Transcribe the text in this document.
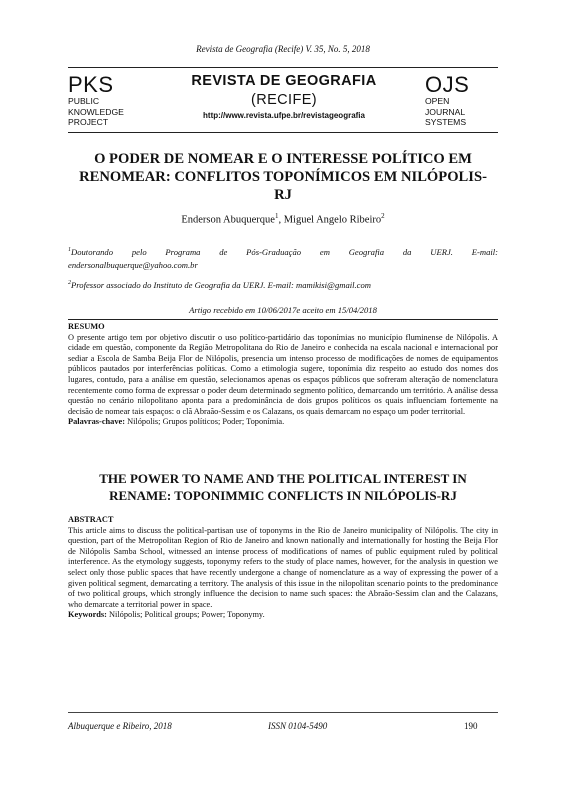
Revista de Geografia (Recife) V. 35, No. 5, 2018
PKS
PUBLIC
KNOWLEDGE
PROJECT
REVISTA DE GEOGRAFIA
(RECIFE)
http://www.revista.ufpe.br/revistageografia
OJS
OPEN
JOURNAL
SYSTEMS
O PODER DE NOMEAR E O INTERESSE POLÍTICO EM
RENOMEAR: CONFLITOS TOPONÍMICOS EM NILÓPOLIS-
RJ
Enderson Abuquerque$^1$, Miguel Angelo Ribeiro$^2$
$^1$Doutorando pelo Programa de Pós-Graduação em Geografia da UERJ. E-mail:
endersonalbuquerque@yahoo.com.br
$^2$Professor associado do Instituto de Geografia da UERJ. E-mail: mamikisi@gmail.com
Artigo recebido em 10/06/2017e aceito em 15/04/2018
RESUMO
O presente artigo tem por objetivo discutir o uso político-partidário das toponímias no município fluminense de Nilópolis. A cidade em questão, componente da Região Metropolitana do Rio de Janeiro e conhecida na escala nacional e internacional por sediar a Escola de Samba Beija Flor de Nilópolis, presencia um intenso processo de modificações de nomes de equipamentos públicos pautados por interferências políticas. Como a etimologia sugere, toponímia diz respeito ao estudo dos nomes dos lugares, contudo, para a análise em questão, selecionamos apenas os espaços públicos que sofreram alteração de nomenclatura recentemente como forma de expressar o poder deum determinado segmento político, demarcando um território. A análise dessa questão no cenário nilopolitano aponta para a predominância de dois grupos políticos os quais influenciam fortemente na decisão de nomear tais espaços: o clã Abraão-Sessim e os Calazans, os quais demarcam no espaço um poder territorial.
Palavras-chave: Nilópolis; Grupos políticos; Poder; Toponímia.
THE POWER TO NAME AND THE POLITICAL INTEREST IN
RENAME: TOPONIMMIC CONFLICTS IN NILÓPOLIS-RJ
ABSTRACT
This article aims to discuss the political-partisan use of toponyms in the Rio de Janeiro municipality of Nilópolis. The city in question, part of the Metropolitan Region of Rio de Janeiro and known nationally and internationally for hosting the Beija Flor de Nilópolis Samba School, witnessed an intense process of modifications of names of public equipment ruled by political interference. As the etymology suggests, toponymy refers to the study of place names, however, for the analysis in question we select only those public spaces that have recently undergone a change of nomenclature as a way of expressing the power of a given political segment, demarcating a territory. The analysis of this issue in the nilopolitan scenario points to the predominance of two political groups, which strongly influence the decision to name such spaces: the Abraão-Sessim clan and the Calazans, who demarcate a territorial power in space.
Keywords: Nilópolis; Political groups; Power; Toponymy.
Albuquerque e Ribeiro, 2018	ISSN 0104-5490	190
